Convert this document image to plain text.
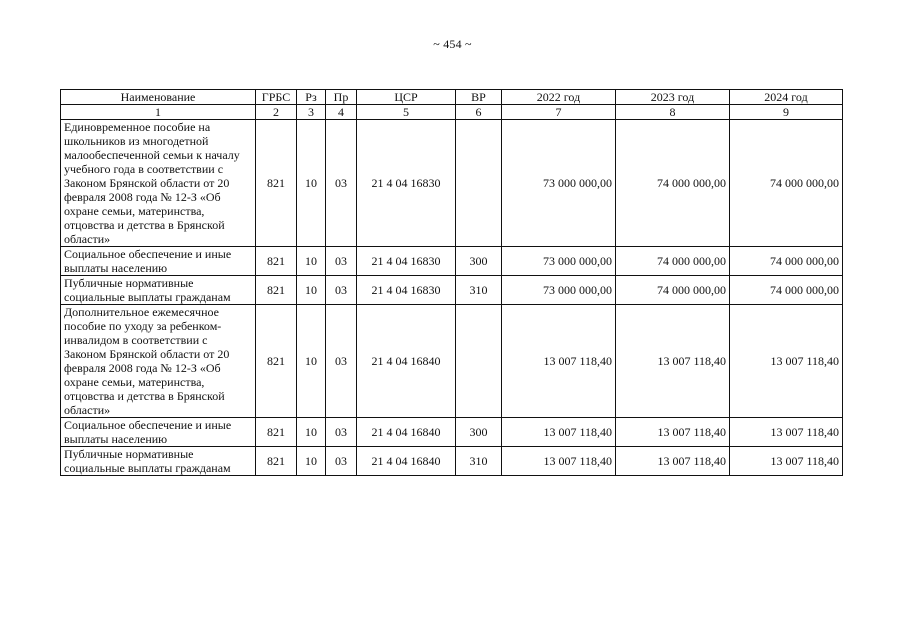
~ 454 ~
Наименование	ГРБС	Рз	Пр	ЦСР	ВР	2022 год	2023 год	2024 год
1	2	3	4	5	6	7	8	9
Единовременное пособие на школьников из многодетной малообеспеченной семьи к началу учебного года в соответствии с Законом Брянской области от 20 февраля 2008 года № 12-З «Об охране семьи, материнства, отцовства и детства в Брянской области»	821	10	03	21 4 04 16830		73 000 000,00	74 000 000,00	74 000 000,00
Социальное обеспечение и иные выплаты населению	821	10	03	21 4 04 16830	300	73 000 000,00	74 000 000,00	74 000 000,00
Публичные нормативные социальные выплаты гражданам	821	10	03	21 4 04 16830	310	73 000 000,00	74 000 000,00	74 000 000,00
Дополнительное ежемесячное пособие по уходу за ребенком-инвалидом в соответствии с Законом Брянской области от 20 февраля 2008 года № 12-З «Об охране семьи, материнства, отцовства и детства в Брянской области»	821	10	03	21 4 04 16840		13 007 118,40	13 007 118,40	13 007 118,40
Социальное обеспечение и иные выплаты населению	821	10	03	21 4 04 16840	300	13 007 118,40	13 007 118,40	13 007 118,40
Публичные нормативные социальные выплаты гражданам	821	10	03	21 4 04 16840	310	13 007 118,40	13 007 118,40	13 007 118,40
